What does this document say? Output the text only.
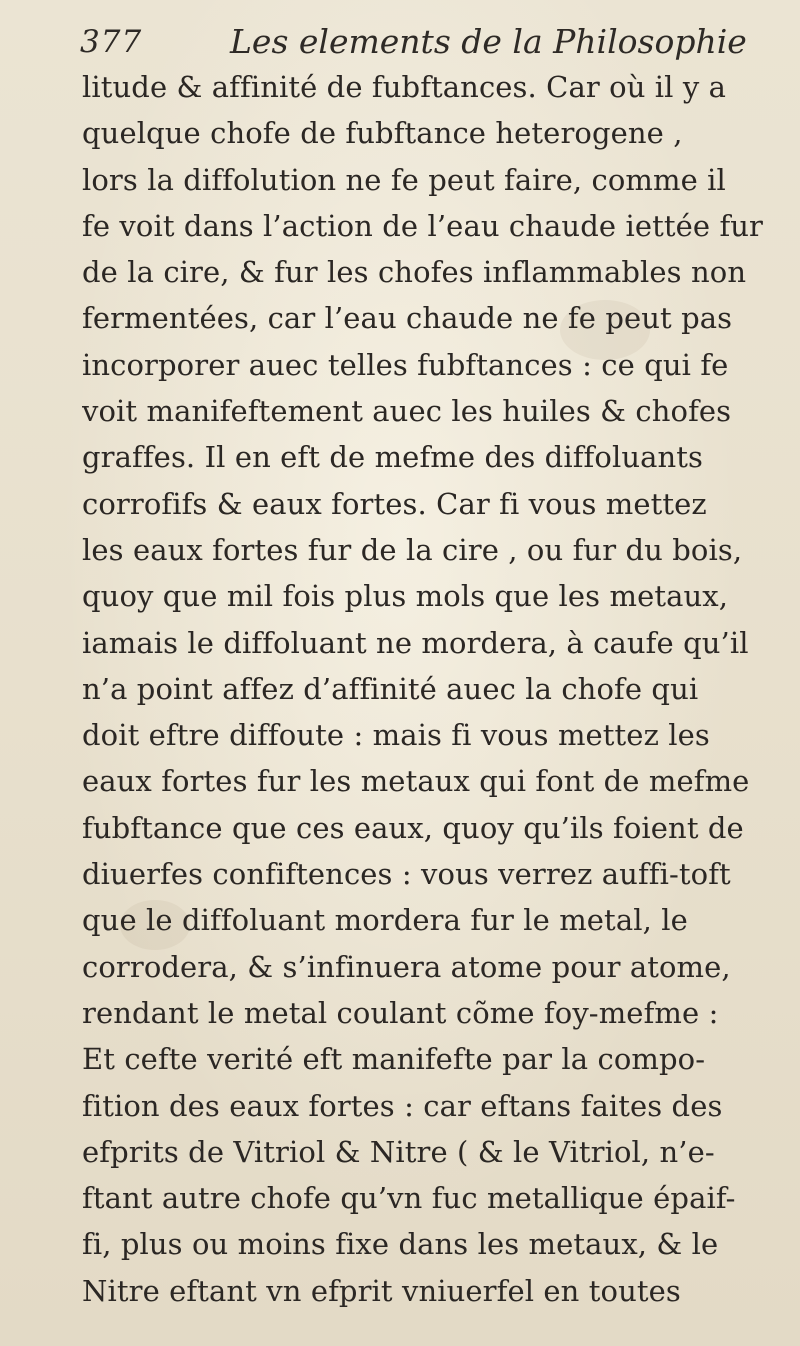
377	Les elements de la Philosophie
litude & affinité de fubftances. Car où il y a
quelque chofe de fubftance heterogene ,
lors la diffolution ne fe peut faire, comme il
fe voit dans l’action de l’eau chaude iettée fur
de la cire, & fur les chofes inflammables non
fermentées, car l’eau chaude ne fe peut pas
incorporer auec telles fubftances : ce qui fe
voit manifeftement auec les huiles & chofes
graffes. Il en eft de mefme des diffoluants
corrofifs & eaux fortes. Car fi vous mettez
les eaux fortes fur de la cire , ou fur du bois,
quoy que mil fois plus mols que les metaux,
iamais le diffoluant ne mordera, à caufe qu’il
n’a point affez d’affinité auec la chofe qui
doit eftre diffoute : mais fi vous mettez les
eaux fortes fur les metaux qui font de mefme
fubftance que ces eaux, quoy qu’ils foient de
diuerfes confiftences : vous verrez auffi-toft
que le diffoluant mordera fur le metal, le
corrodera, & s’infinuera atome pour atome,
rendant le metal coulant cõme foy-mefme :
Et cefte verité eft manifefte par la compo-
fition des eaux fortes : car eftans faites des
efprits de Vitriol & Nitre ( & le Vitriol, n’e-
ftant autre chofe qu’vn fuc metallique épaif-
fi, plus ou moins fixe dans les metaux, & le
Nitre eftant vn efprit vniuerfel en toutes
